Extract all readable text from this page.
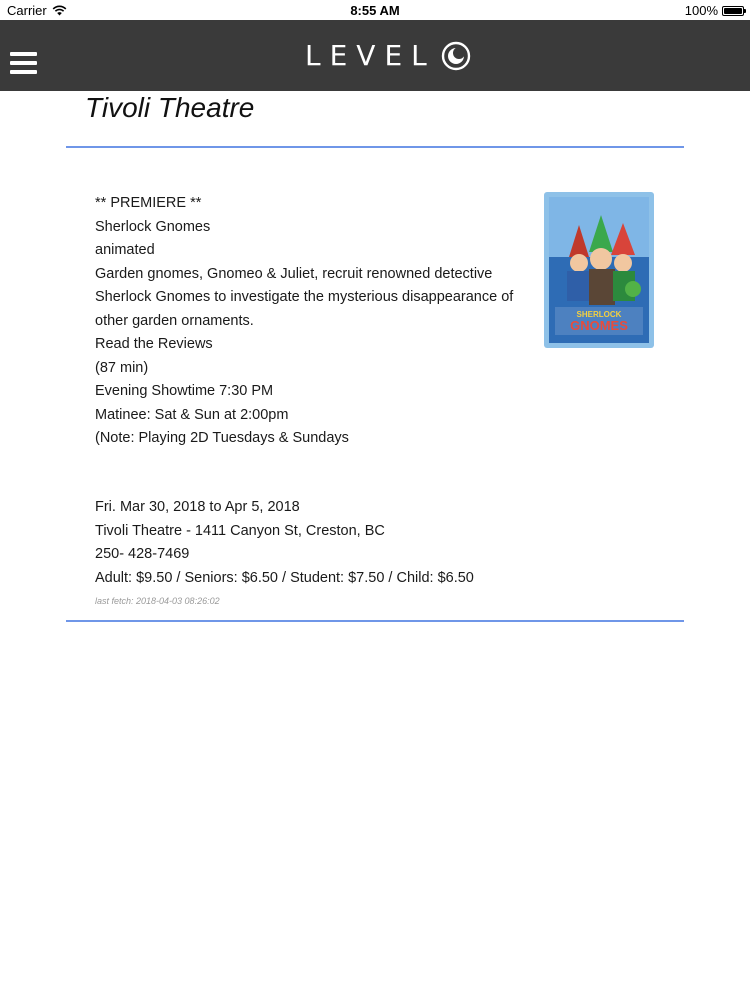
Carrier	8:55 AM	100%
LEVEL
Tivoli Theatre
** PREMIERE **
Sherlock Gnomes
animated
Garden gnomes, Gnomeo & Juliet, recruit renowned detective Sherlock Gnomes to investigate the mysterious disappearance of other garden ornaments.
Read the Reviews
(87 min)
Evening Showtime 7:30 PM
Matinee: Sat & Sun at 2:00pm
(Note: Playing 2D Tuesdays & Sundays
SHERLOCK
GNOMES
Fri. Mar 30, 2018 to Apr 5, 2018
Tivoli Theatre - 1411 Canyon St, Creston, BC
250- 428-7469
Adult: $9.50 / Seniors: $6.50 / Student: $7.50 / Child: $6.50
last fetch: 2018-04-03 08:26:02
